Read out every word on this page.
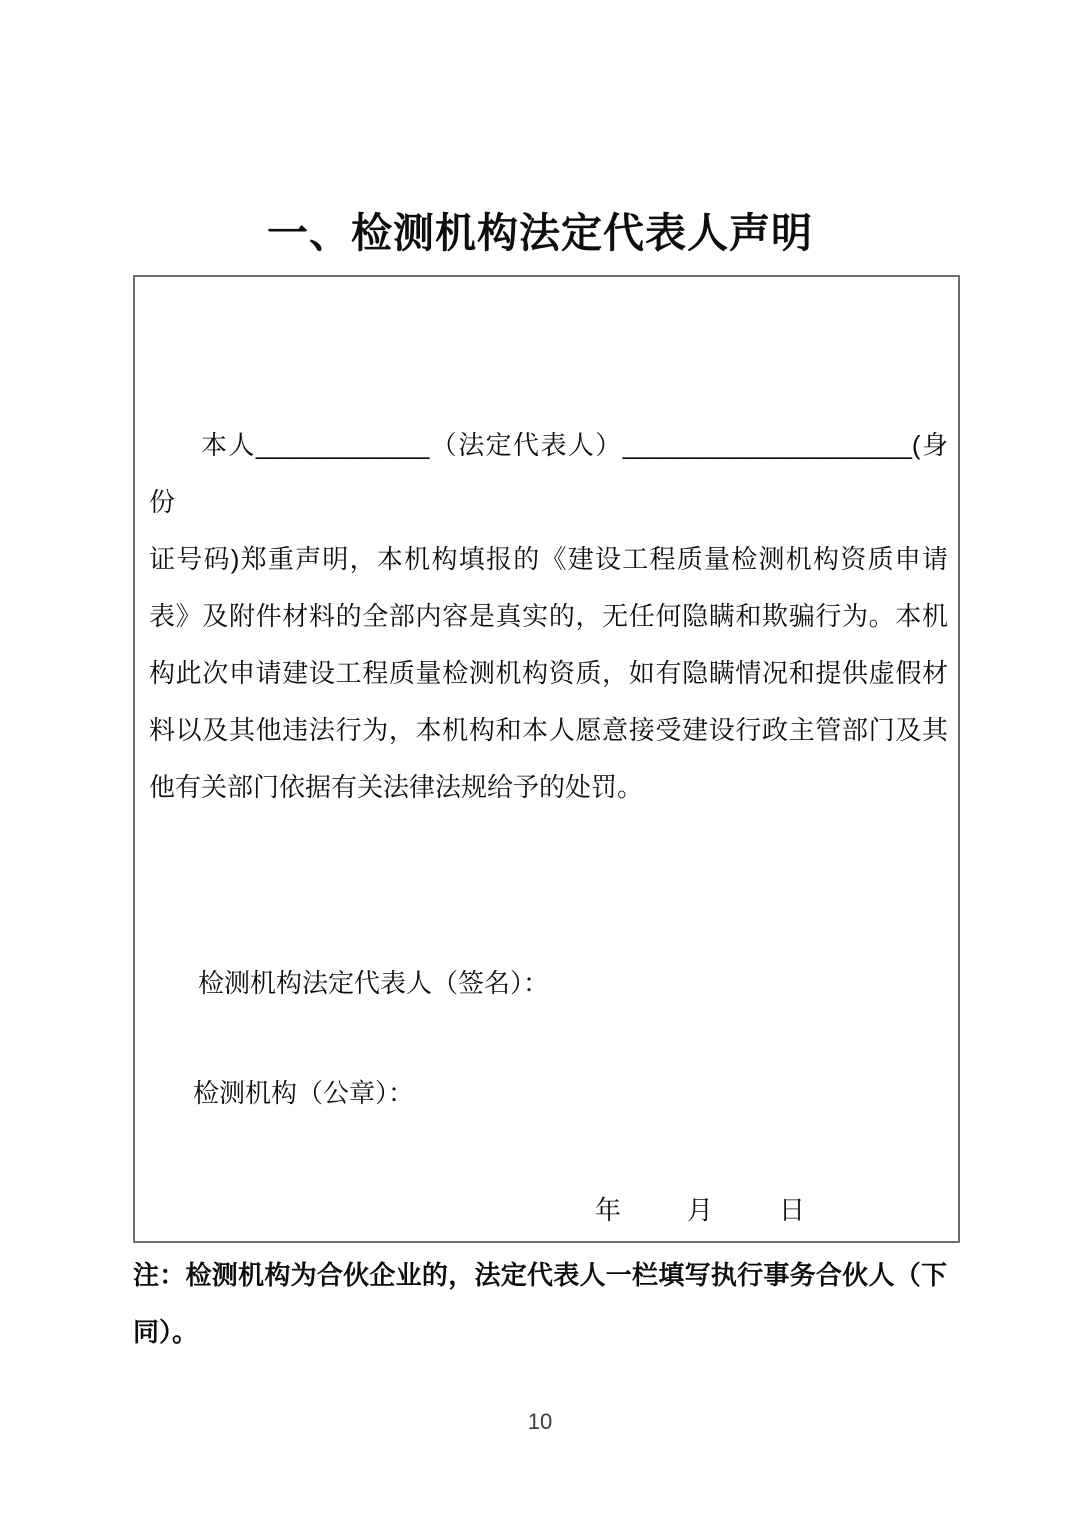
一、检测机构法定代表人声明
本人____________（法定代表人）____________________(身份
证号码)郑重声明，本机构填报的《建设工程质量检测机构资质申请
表》及附件材料的全部内容是真实的，无任何隐瞒和欺骗行为。本机
构此次申请建设工程质量检测机构资质，如有隐瞒情况和提供虚假材
料以及其他违法行为，本机构和本人愿意接受建设行政主管部门及其
他有关部门依据有关法律法规给予的处罚。
检测机构法定代表人（签名）：
检测机构（公章）：
年	月	日
注：检测机构为合伙企业的，法定代表人一栏填写执行事务合伙人（下
同）。
10
